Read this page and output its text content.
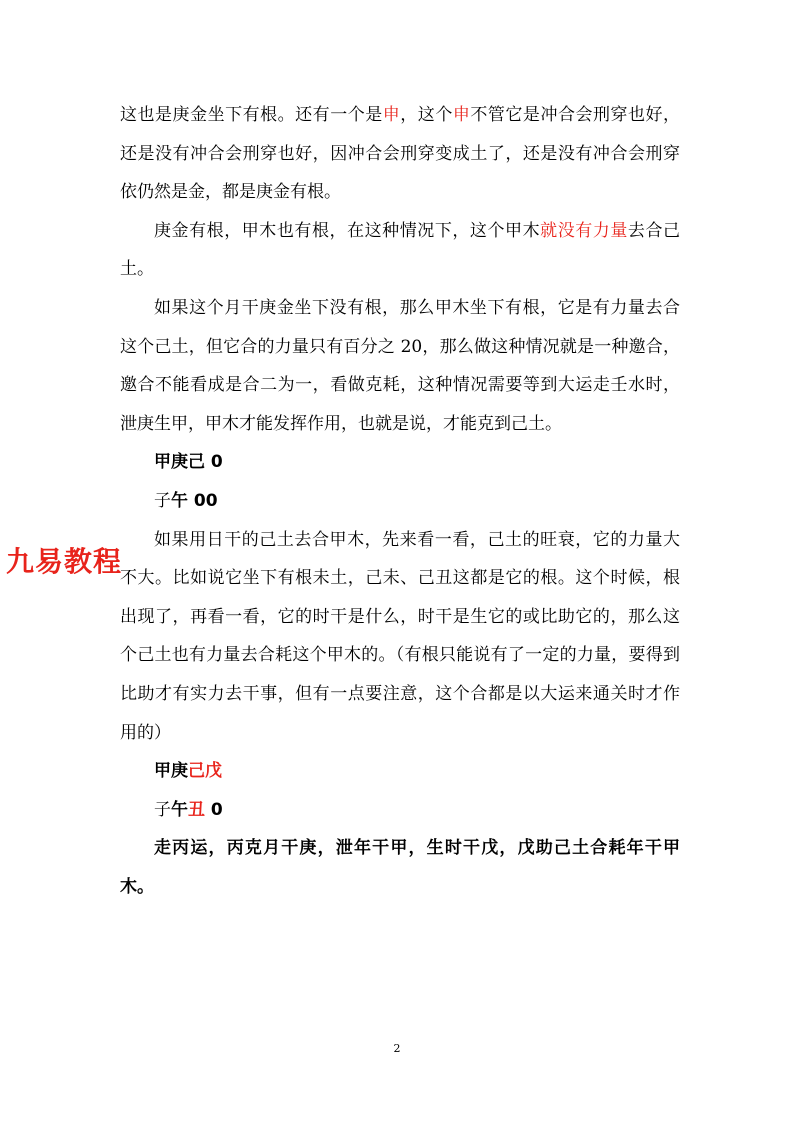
这也是庚金坐下有根。还有一个是申，这个申不管它是冲合会刑穿也好，还是没有冲合会刑穿也好，因冲合会刑穿变成土了，还是没有冲合会刑穿依仍然是金，都是庚金有根。

庚金有根，甲木也有根，在这种情况下，这个甲木就没有力量去合己土。

如果这个月干庚金坐下没有根，那么甲木坐下有根，它是有力量去合这个己土，但它合的力量只有百分之 20，那么做这种情况就是一种邀合，邀合不能看成是合二为一，看做克耗，这种情况需要等到大运走壬水时，泄庚生甲，甲木才能发挥作用，也就是说，才能克到己土。

甲庚己 0

子午 00

如果用日干的己土去合甲木，先来看一看，己土的旺衰，它的力量大不大。比如说它坐下有根未土，己未、己丑这都是它的根。这个时候，根出现了，再看一看，它的时干是什么，时干是生它的或比助它的，那么这个己土也有力量去合耗这个甲木的。（有根只能说有了一定的力量，要得到比助才有实力去干事，但有一点要注意，这个合都是以大运来通关时才作用的）

甲庚己戊

子午丑 0

走丙运，丙克月干庚，泄年干甲，生时干戊，戊助己土合耗年干甲木。

九易教程
2
